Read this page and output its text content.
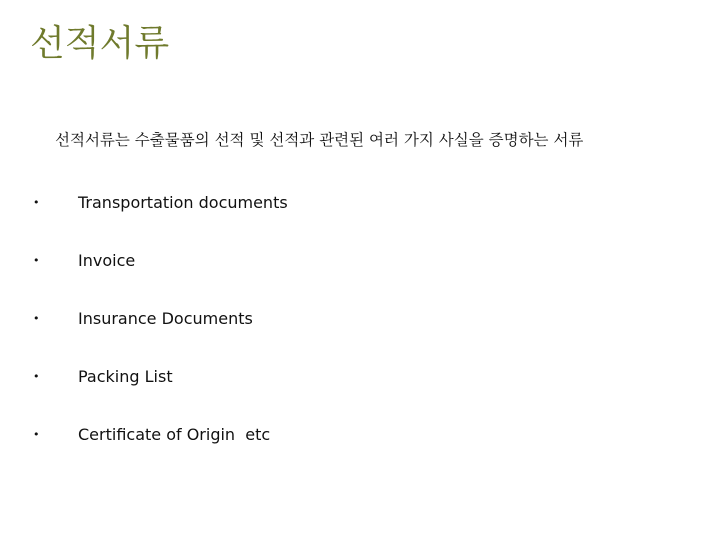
선적서류
선적서류는 수출물품의 선적 및 선적과 관련된 여러 가지 사실을 증명하는 서류
• Transportation documents
• Invoice
• Insurance Documents
• Packing List
• Certificate of Origin  etc
